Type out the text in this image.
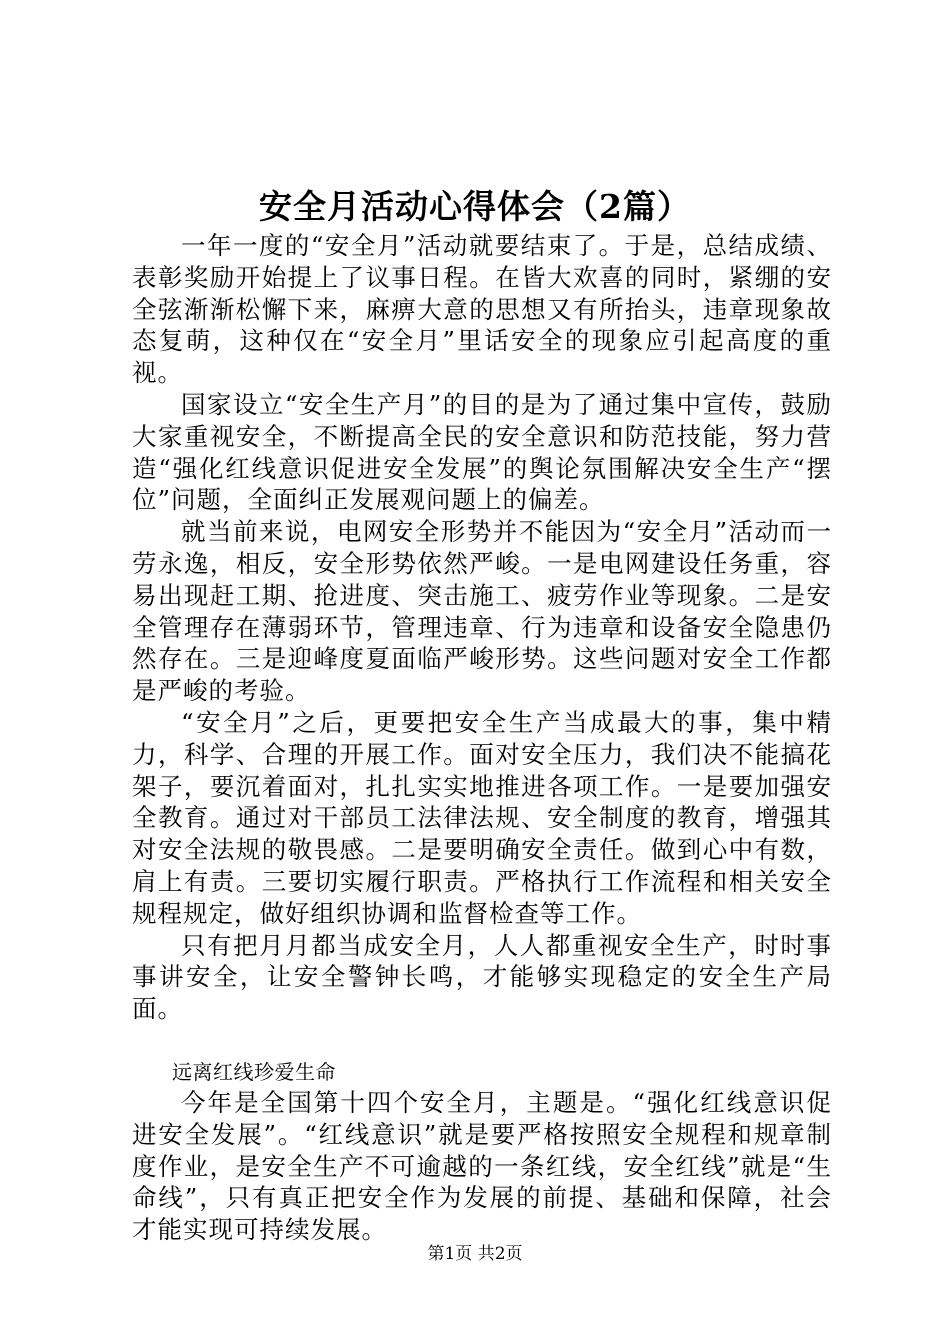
安全月活动心得体会（2篇）

一年一度的“安全月”活动就要结束了。于是，总结成绩、表彰奖励开始提上了议事日程。在皆大欢喜的同时，紧绷的安全弦渐渐松懈下来，麻痹大意的思想又有所抬头，违章现象故态复萌，这种仅在“安全月”里话安全的现象应引起高度的重视。

国家设立“安全生产月”的目的是为了通过集中宣传，鼓励大家重视安全，不断提高全民的安全意识和防范技能，努力营造“强化红线意识促进安全发展”的舆论氛围解决安全生产“摆位”问题，全面纠正发展观问题上的偏差。

就当前来说，电网安全形势并不能因为“安全月”活动而一劳永逸，相反，安全形势依然严峻。一是电网建设任务重，容易出现赶工期、抢进度、突击施工、疲劳作业等现象。二是安全管理存在薄弱环节，管理违章、行为违章和设备安全隐患仍然存在。三是迎峰度夏面临严峻形势。这些问题对安全工作都是严峻的考验。

“安全月”之后，更要把安全生产当成最大的事，集中精力，科学、合理的开展工作。面对安全压力，我们决不能搞花架子，要沉着面对，扎扎实实地推进各项工作。一是要加强安全教育。通过对干部员工法律法规、安全制度的教育，增强其对安全法规的敬畏感。二是要明确安全责任。做到心中有数，肩上有责。三要切实履行职责。严格执行工作流程和相关安全规程规定，做好组织协调和监督检查等工作。

只有把月月都当成安全月，人人都重视安全生产，时时事事讲安全，让安全警钟长鸣，才能够实现稳定的安全生产局面。

远离红线珍爱生命

今年是全国第十四个安全月，主题是。“强化红线意识促进安全发展”。“红线意识”就是要严格按照安全规程和规章制度作业，是安全生产不可逾越的一条红线，安全红线”就是“生命线”，只有真正把安全作为发展的前提、基础和保障，社会才能实现可持续发展。

第1页 共2页
